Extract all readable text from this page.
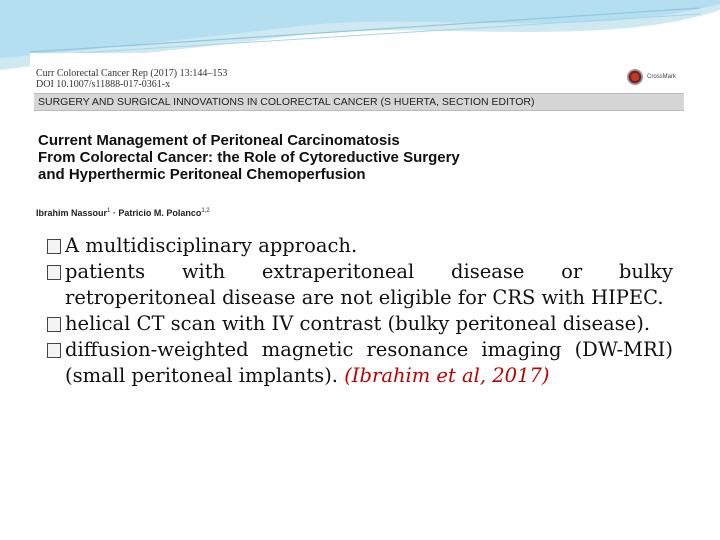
Curr Colorectal Cancer Rep (2017) 13:144–153
DOI 10.1007/s11888-017-0361-x
CrossMark
SURGERY AND SURGICAL INNOVATIONS IN COLORECTAL CANCER (S HUERTA, SECTION EDITOR)
Current Management of Peritoneal Carcinomatosis
From Colorectal Cancer: the Role of Cytoreductive Surgery
and Hyperthermic Peritoneal Chemoperfusion
Ibrahim Nassour$^1$ · Patricio M. Polanco$^{1,2}$
A multidisciplinary approach.
patients with extraperitoneal disease or bulky retroperitoneal disease are not eligible for CRS with HIPEC.
helical CT scan with IV contrast (bulky peritoneal disease).
diffusion-weighted magnetic resonance imaging (DW-MRI) (small peritoneal implants). (Ibrahim et al, 2017)
